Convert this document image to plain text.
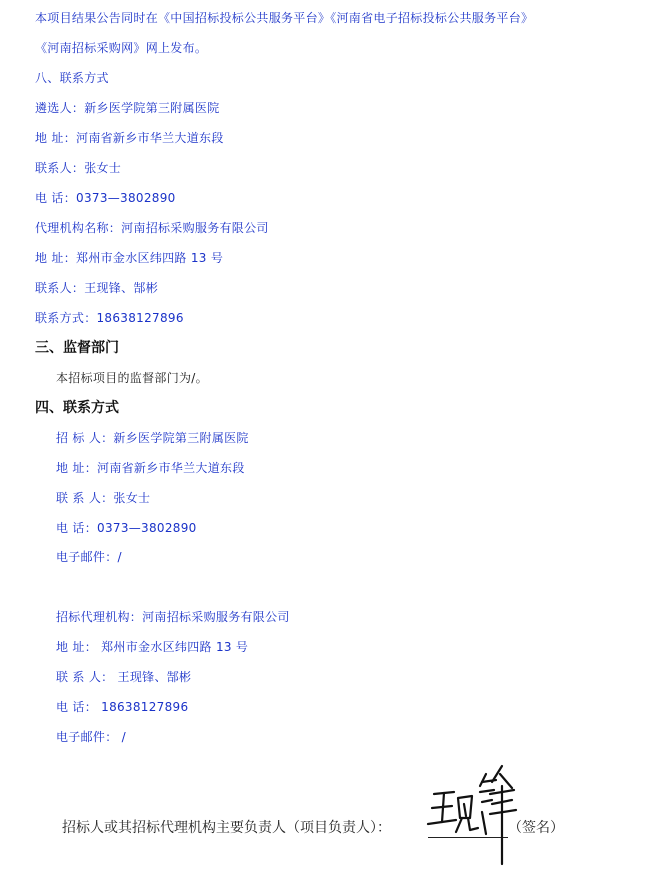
本项目结果公告同时在《中国招标投标公共服务平台》《河南省电子招标投标公共服务平台》
《河南招标采购网》网上发布。
八、联系方式
遴选人：新乡医学院第三附属医院
地 址：河南省新乡市华兰大道东段
联系人：张女士
电 话：0373—3802890
代理机构名称：河南招标采购服务有限公司
地 址：郑州市金水区纬四路 13 号
联系人：王现锋、郜彬
联系方式：18638127896
三、监督部门
本招标项目的监督部门为/。
四、联系方式
招 标 人：新乡医学院第三附属医院
地 址：河南省新乡市华兰大道东段
联 系 人：张女士
电 话：0373—3802890
电子邮件：/
招标代理机构：河南招标采购服务有限公司
地 址： 郑州市金水区纬四路 13 号
联 系 人： 王现锋、郜彬
电 话： 18638127896
电子邮件： /
招标人或其招标代理机构主要负责人（项目负责人）：	（签名）
